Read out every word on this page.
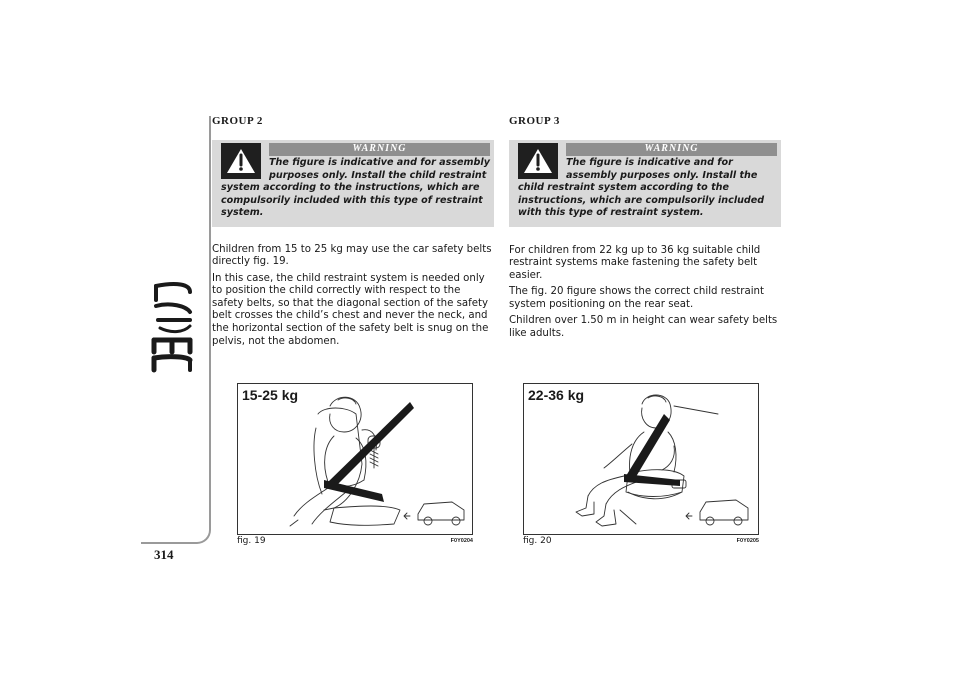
314
GROUP 2
WARNING
The figure is indicative and for assembly purposes only. Install the child restraint system according to the instructions, which are compulsorily included with this type of restraint system.

Children from 15 to 25 kg may use the car safety belts directly fig. 19.

In this case, the child restraint system is needed only to position the child correctly with respect to the safety belts, so that the diagonal section of the safety belt crosses the child’s chest and never the neck, and the horizontal section of the safety belt is snug on the pelvis, not the abdomen.

GROUP 3
WARNING
The figure is indicative and for assembly purposes only. Install the child restraint system according to the instructions, which are compulsorily included with this type of restraint system.

For children from 22 kg up to 36 kg suitable child restraint systems make fastening the safety belt easier.

The fig. 20 figure shows the correct child restraint system positioning on the rear seat.

Children over 1.50 m in height can wear safety belts like adults.

15-25 kg
fig. 19	F0Y0204
22-36 kg
fig. 20	F0Y0205
